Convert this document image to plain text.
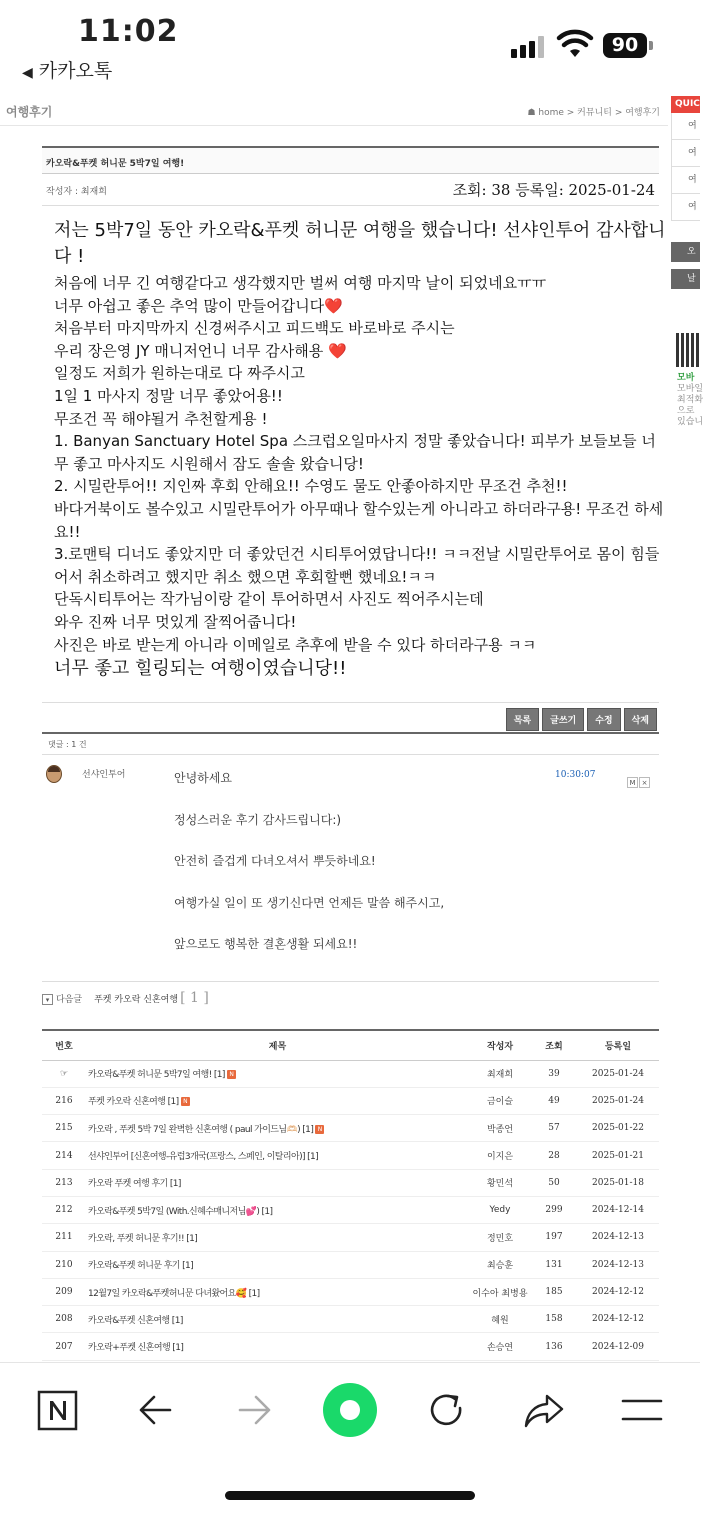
11:02
◀ 카카오톡
90
여행후기	☗ home > 커뮤니티 > 여행후기
QUICK
여
여
여
여
오
날
모바
모바일
최적화
으로
있습니
카오락&푸켓 허니문 5박7일 여행!
작성자 : 최재희	조회: 38 등록일: 2025-01-24

저는 5박7일 동안 카오락&푸켓 허니문 여행을 했습니다! 선샤인투어 감사합니다 !

처음에 너무 긴 여행같다고 생각했지만 벌써 여행 마지막 날이 되었네요ㅠㅠ

너무 아쉽고 좋은 추억 많이 만들어갑니다❤️

처음부터 마지막까지 신경써주시고 피드백도 바로바로 주시는

우리 장은영 JY 매니저언니 너무 감사해용 ❤️

일정도 저희가 원하는대로 다 짜주시고

1일 1 마사지 정말 너무 좋았어용!!

무조건 꼭 해야될거 추천할게용 !

1. Banyan Sanctuary Hotel Spa 스크럽오일마사지 정말 좋았습니다! 피부가 보들보들 너무 좋고 마사지도 시원해서 잠도 솔솔 왔습니당!

2. 시밀란투어!! 지인짜 후회 안해요!! 수영도 물도 안좋아하지만 무조건 추천!!

바다거북이도 볼수있고 시밀란투어가 아무때나 할수있는게 아니라고 하더라구용! 무조건 하세요!!

3.로맨틱 디너도 좋았지만 더 좋았던건 시티투어였답니다!! ㅋㅋ전날 시밀란투어로 몸이 힘들어서 취소하려고 했지만 취소 했으면 후회할뻔 했네요!ㅋㅋ

단독시티투어는 작가님이랑 같이 투어하면서 사진도 찍어주시는데

와우 진짜 너무 멋있게 잘찍어줍니다!

사진은 바로 받는게 아니라 이메일로 추후에 받을 수 있다 하더라구용 ㅋㅋ

너무 좋고 힐링되는 여행이였습니당!!

목록 글쓰기 수정 삭제
댓글 : 1 건
선샤인투어	안녕하세요

정성스러운 후기 감사드립니다:)

안전히 즐겁게 다녀오셔서 뿌듯하네요!

여행가실 일이 또 생기신다면 언제든 말씀 해주시고,

앞으로도 행복한 결혼생활 되세요!!

10:30:07
M ×
▾ 다음글 푸켓 카오락 신혼여행 [ 1 ]
번호	제목	작성자	조회	등록일
☞	카오락&푸켓 허니문 5박7일 여행! [1] N	최재희	39	2025-01-24
216	푸켓 카오락 신혼여행 [1] N	금이슬	49	2025-01-24
215	카오락 , 푸켓 5박 7일 완벽한 신혼여행 ( paul 가이드님🫶🏻) [1] N	박종언	57	2025-01-22
214	선샤인투어 [신혼여행-유럽3개국(프랑스, 스페인, 이탈리아)] [1]	이지은	28	2025-01-21
213	카오락 푸켓 여행 후기 [1]	황민석	50	2025-01-18
212	카오락&푸켓 5박7일 (With.신혜수매니저님💕) [1]	Yedy	299	2024-12-14
211	카오락, 푸켓 허니문 후기!! [1]	정민호	197	2024-12-13
210	카오락&푸켓 허니문 후기 [1]	최승훈	131	2024-12-13
209	12월7일 카오락&푸켓허니문 다녀왔어요🥰 [1]	이수아 최병용	185	2024-12-12
208	카오락&푸켓 신혼여행 [1]	혜원	158	2024-12-12
207	카오락+푸켓 신혼여행 [1]	손승연	136	2024-12-09
